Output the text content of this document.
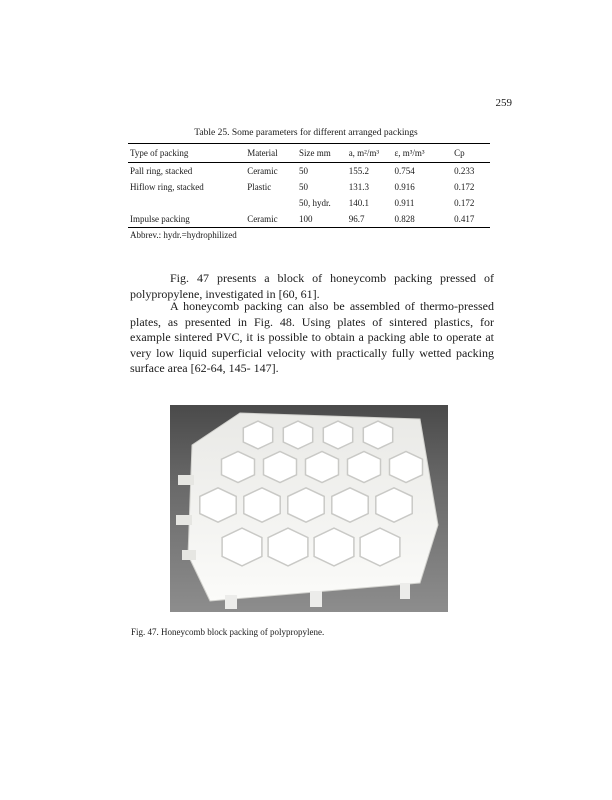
259
Table 25. Some parameters for different arranged packings
Type of packing	Material	Size mm	a, m²/m³	ε, m³/m³	Cp
Pall ring, stacked	Ceramic	50	155.2	0.754	0.233
Hiflow ring, stacked	Plastic	50	131.3	0.916	0.172
		50, hydr.	140.1	0.911	0.172
Impulse packing	Ceramic	100	96.7	0.828	0.417
Abbrev.: hydr.=hydrophilized

Fig. 47 presents a block of honeycomb packing pressed of polypropylene, investigated in [60, 61].

A honeycomb packing can also be assembled of thermo-pressed plates, as presented in Fig. 48. Using plates of sintered plastics, for example sintered PVC, it is possible to obtain a packing able to operate at very low liquid superficial velocity with practically fully wetted packing surface area [62-64, 145- 147].

Fig. 47. Honeycomb block packing of polypropylene.
